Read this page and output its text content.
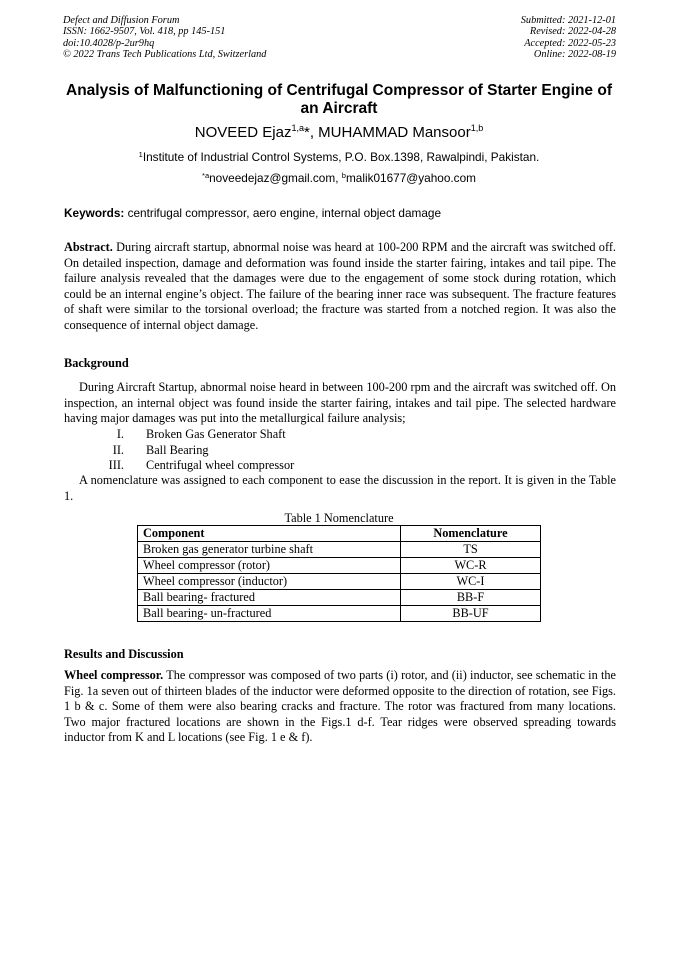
Defect and Diffusion Forum
ISSN: 1662-9507, Vol. 418, pp 145-151
doi:10.4028/p-2ur9hq
© 2022 Trans Tech Publications Ltd, Switzerland
Submitted: 2021-12-01
Revised: 2022-04-28
Accepted: 2022-05-23
Online: 2022-08-19
Analysis of Malfunctioning of Centrifugal Compressor of Starter Engine of an Aircraft
NOVEED Ejaz$^{1,a}$*, MUHAMMAD Mansoor$^{1,b}$
$^1$Institute of Industrial Control Systems, P.O. Box.1398, Rawalpindi, Pakistan.
$^{*a}$noveedejaz@gmail.com, $^b$malik01677@yahoo.com
Keywords: centrifugal compressor, aero engine, internal object damage
Abstract. During aircraft startup, abnormal noise was heard at 100-200 RPM and the aircraft was switched off. On detailed inspection, damage and deformation was found inside the starter fairing, intakes and tail pipe. The failure analysis revealed that the damages were due to the engagement of some stock during rotation, which could be an internal engine’s object. The failure of the bearing inner race was subsequent. The fracture features of shaft were similar to the torsional overload; the fracture was started from a notched region. It was also the consequence of internal object damage.
Background
During Aircraft Startup, abnormal noise heard in between 100-200 rpm and the aircraft was switched off. On inspection, an internal object was found inside the starter fairing, intakes and tail pipe. The selected hardware having major damages was put into the metallurgical failure analysis;
I. Broken Gas Generator Shaft
II. Ball Bearing
III. Centrifugal wheel compressor
A nomenclature was assigned to each component to ease the discussion in the report. It is given in the Table 1.
Table 1 Nomenclature
Component	Nomenclature
Broken gas generator turbine shaft	TS
Wheel compressor (rotor)	WC-R
Wheel compressor (inductor)	WC-I
Ball bearing- fractured	BB-F
Ball bearing- un-fractured	BB-UF
Results and Discussion
Wheel compressor. The compressor was composed of two parts (i) rotor, and (ii) inductor, see schematic in the Fig. 1a seven out of thirteen blades of the inductor were deformed opposite to the direction of rotation, see Figs. 1 b & c. Some of them were also bearing cracks and fracture. The rotor was fractured from many locations. Two major fractured locations are shown in the Figs.1 d-f. Tear ridges were observed spreading towards inductor from K and L locations (see Fig. 1 e & f).
